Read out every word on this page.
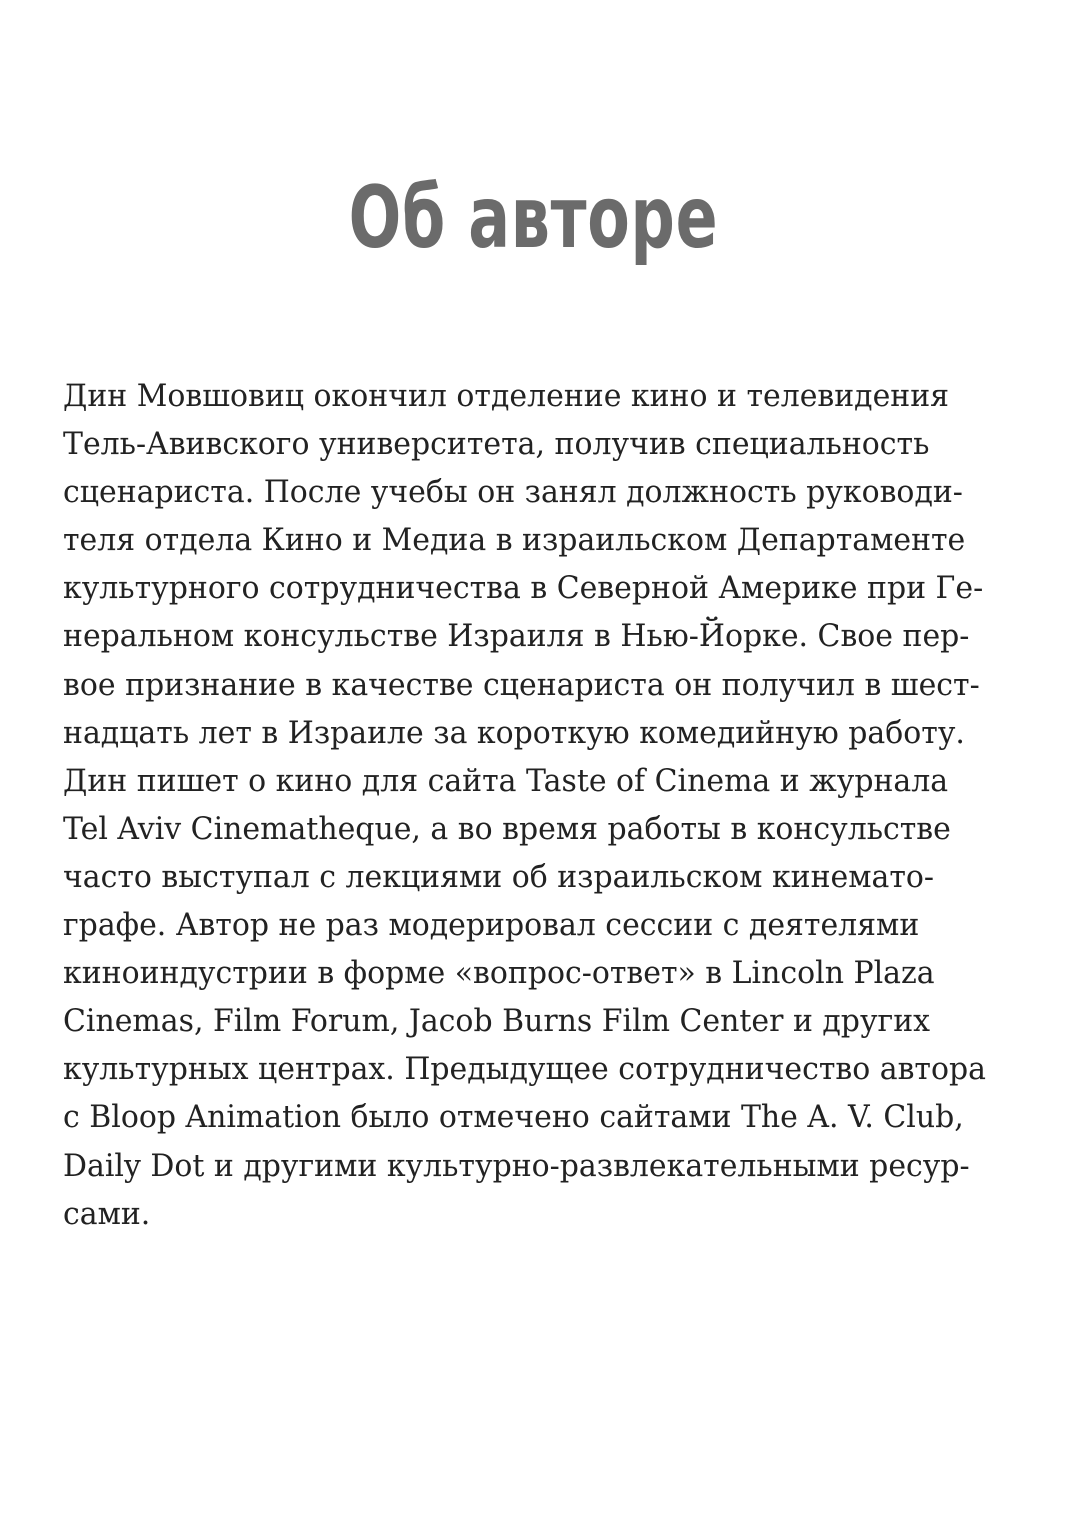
Об авторе
Дин Мовшовиц окончил отделение кино и телевидения
Тель-Авивского университета, получив специальность
сценариста. После учебы он занял должность руководи-
теля отдела Кино и Медиа в израильском Департаменте
культурного сотрудничества в Северной Америке при Ге-
неральном консульстве Израиля в Нью-Йорке. Свое пер-
вое признание в качестве сценариста он получил в шест-
надцать лет в Израиле за короткую комедийную работу.
Дин пишет о кино для сайта Taste of Cinema и журнала
Tel Aviv Cinematheque, а во время работы в консульстве
часто выступал с лекциями об израильском кинемато-
графе. Автор не раз модерировал сессии с деятелями
киноиндустрии в форме «вопрос-ответ» в Lincoln Plaza
Cinemas, Film Forum, Jacob Burns Film Center и других
культурных центрах. Предыдущее сотрудничество автора
с Bloop Animation было отмечено сайтами The A. V. Club,
Daily Dot и другими культурно-развлекательными ресур-
сами.
